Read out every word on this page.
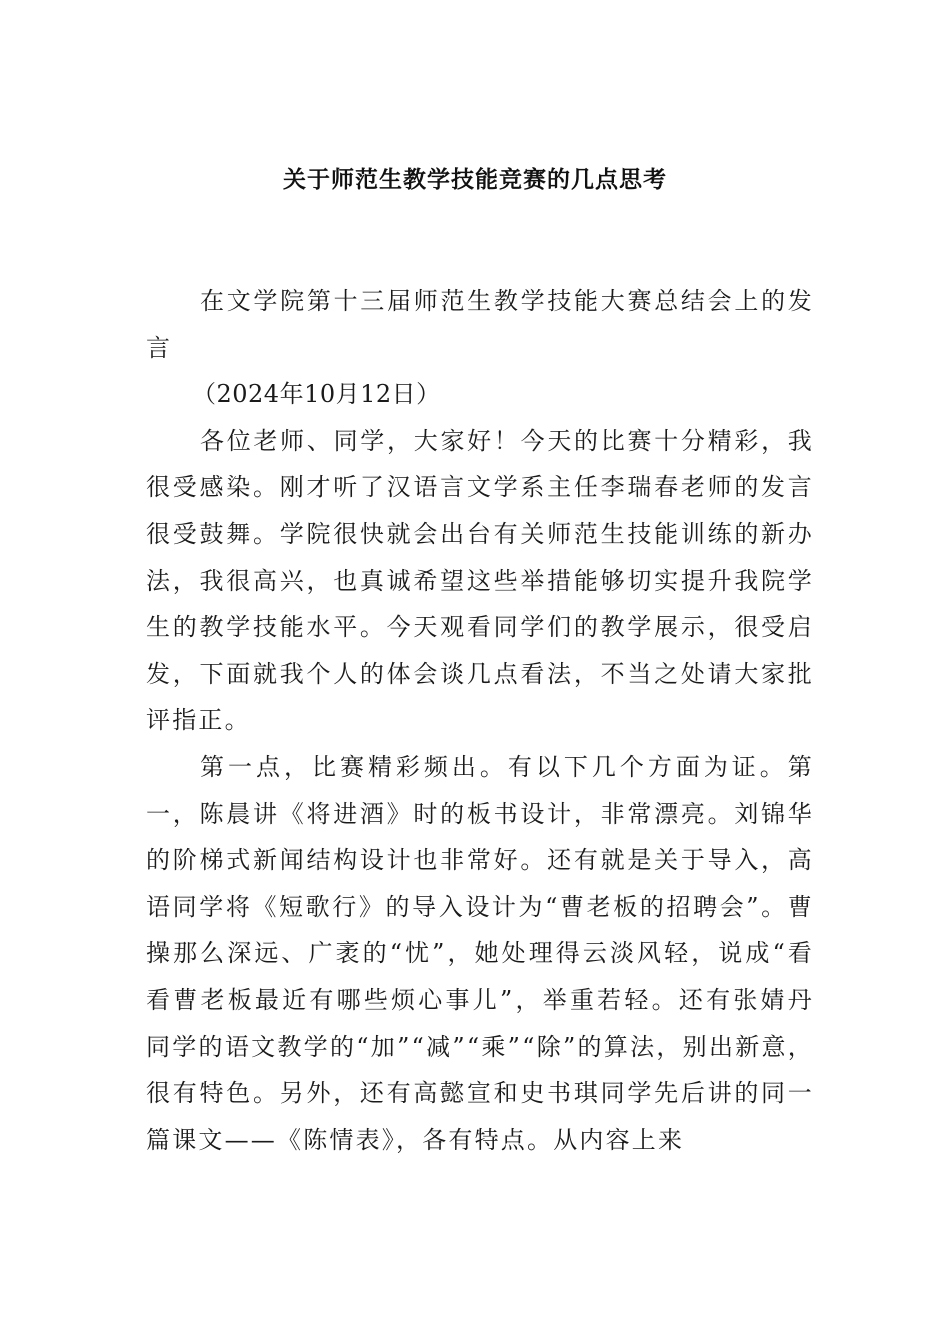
关于师范生教学技能竞赛的几点思考

在文学院第十三届师范生教学技能大赛总结会上的发言

（2024年10月12日）

各位老师、同学，大家好！今天的比赛十分精彩，我很受感染。刚才听了汉语言文学系主任李瑞春老师的发言很受鼓舞。学院很快就会出台有关师范生技能训练的新办法，我很高兴，也真诚希望这些举措能够切实提升我院学生的教学技能水平。今天观看同学们的教学展示，很受启发，下面就我个人的体会谈几点看法，不当之处请大家批评指正。

第一点，比赛精彩频出。有以下几个方面为证。第一，陈晨讲《将进酒》时的板书设计，非常漂亮。刘锦华的阶梯式新闻结构设计也非常好。还有就是关于导入，高语同学将《短歌行》的导入设计为“曹老板的招聘会”。曹操那么深远、广袤的“忧”，她处理得云淡风轻，说成“看看曹老板最近有哪些烦心事儿”，举重若轻。还有张婧丹同学的语文教学的“加”“减”“乘”“除”的算法，别出新意，很有特色。另外，还有高懿宣和史书琪同学先后讲的同一篇课文——《陈情表》，各有特点。从内容上来
